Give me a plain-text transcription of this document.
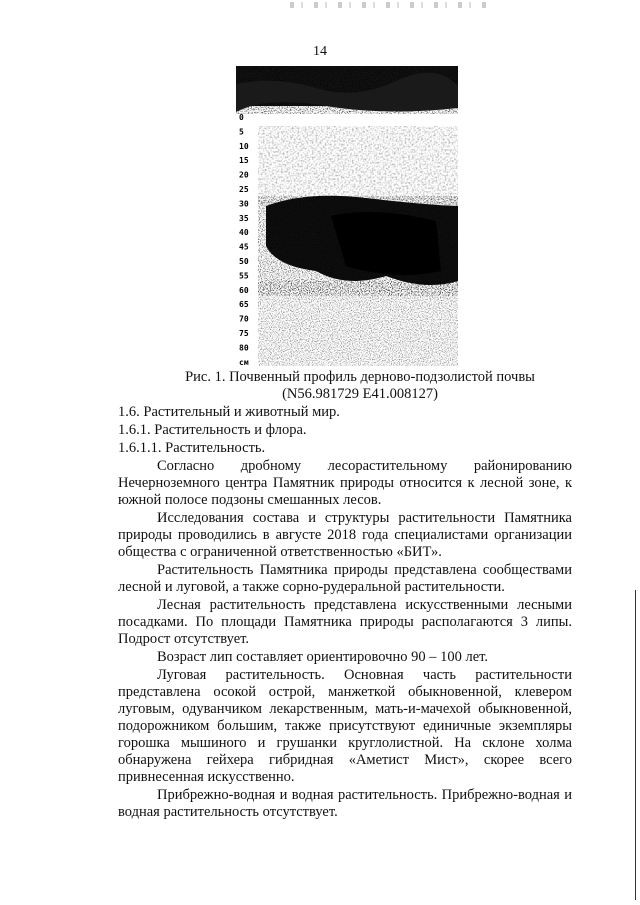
14
0
5
10
15
20
25
30
35
40
45
50
55
60
65
70
75
80
см
Рис. 1. Почвенный профиль дерново-подзолистой почвы
(N56.981729 E41.008127)

1.6. Растительный и животный мир.

1.6.1. Растительность и флора.

1.6.1.1. Растительность.

Согласно дробному лесорастительному районированию Нечерноземного центра Памятник природы относится к лесной зоне, к южной полосе подзоны смешанных лесов.

Исследования состава и структуры растительности Памятника природы проводились в августе 2018 года специалистами организации общества с ограниченной ответственностью «БИТ».

Растительность Памятника природы представлена сообществами лесной и луговой, а также сорно-рудеральной растительности.

Лесная растительность представлена искусственными лесными посадками. По площади Памятника природы располагаются 3 липы. Подрост отсутствует.

Возраст лип составляет ориентировочно 90 – 100 лет.

Луговая растительность. Основная часть растительности представлена осокой острой, манжеткой обыкновенной, клевером луговым, одуванчиком лекарственным, мать-и-мачехой обыкновенной, подорожником большим, также присутствуют единичные экземпляры горошка мышиного и грушанки круглолистной. На склоне холма обнаружена гейхера гибридная «Аметист Мист», скорее всего привнесенная искусственно.

Прибрежно-водная и водная растительность. Прибрежно-водная и водная растительность отсутствует.
